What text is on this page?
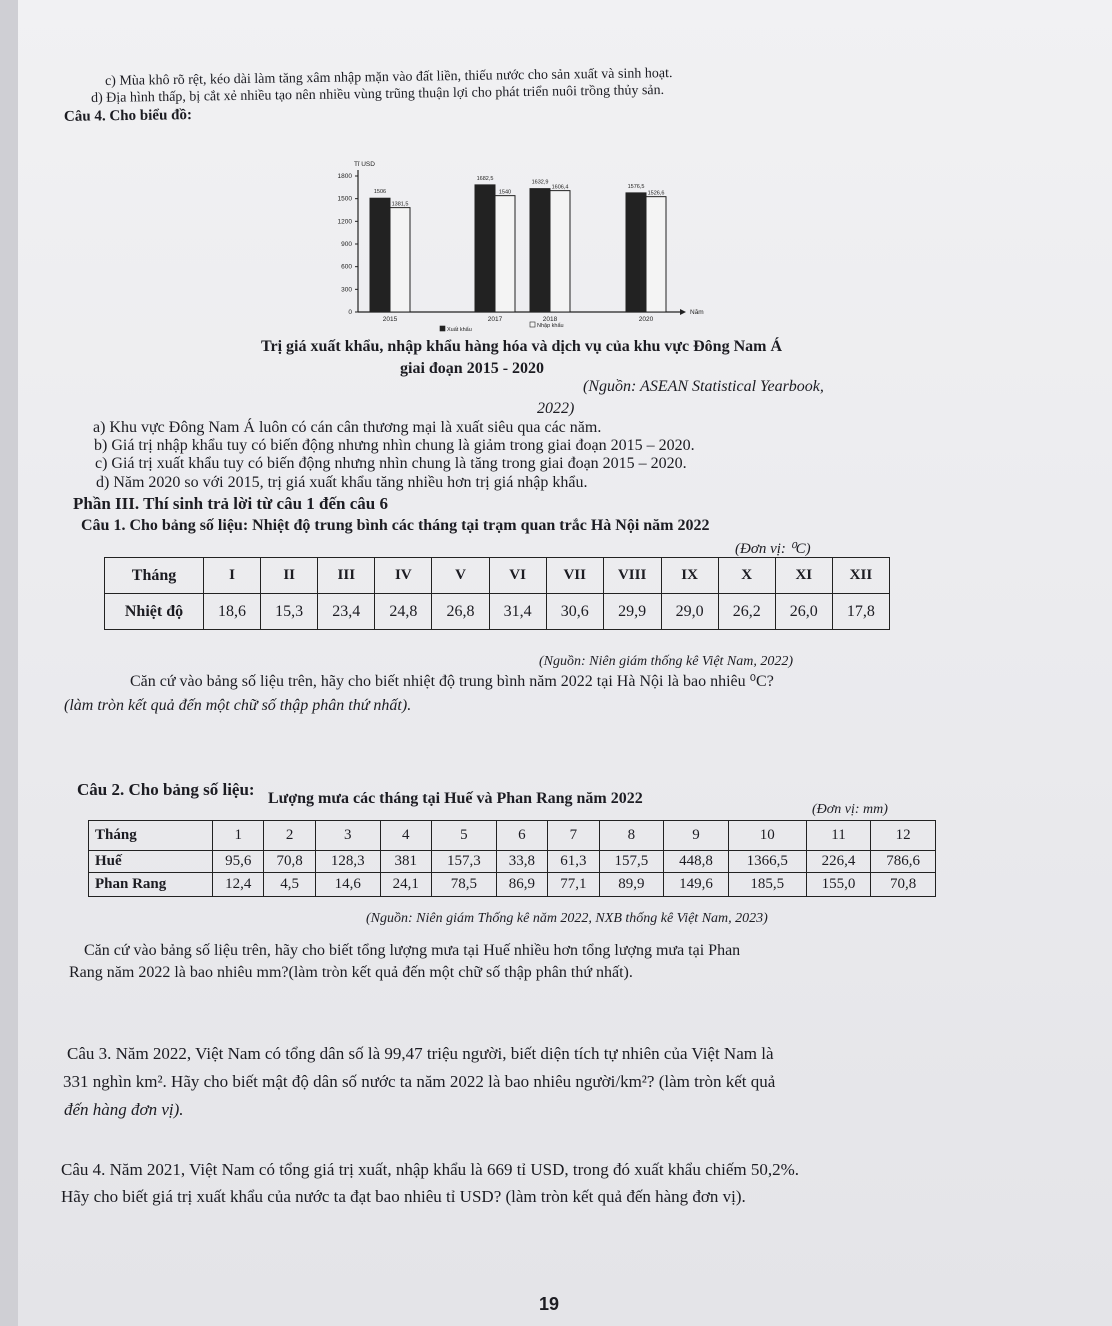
c) Mùa khô rõ rệt, kéo dài làm tăng xâm nhập mặn vào đất liền, thiếu nước cho sản xuất và sinh hoạt.
d) Địa hình thấp, bị cắt xẻ nhiều tạo nên nhiều vùng trũng thuận lợi cho phát triển nuôi trồng thủy sản.
Câu 4. Cho biểu đồ:
0
300
600
900
1200
1500
1800
Tỉ USD
Năm
Xuất khẩu
Nhập khẩu
1506
1381,5
2015
1682,5
1540
2017
1632,9
1606,4
2018
1576,5
1526,6
2020
Trị giá xuất khẩu, nhập khẩu hàng hóa và dịch vụ của khu vực Đông Nam Á
giai đoạn 2015 - 2020
(Nguồn: ASEAN Statistical Yearbook,
2022)
a) Khu vực Đông Nam Á luôn có cán cân thương mại là xuất siêu qua các năm.
b) Giá trị nhập khẩu tuy có biến động nhưng nhìn chung là giảm trong giai đoạn 2015 – 2020.
c) Giá trị xuất khẩu tuy có biến động nhưng nhìn chung là tăng trong giai đoạn 2015 – 2020.
d) Năm 2020 so với 2015, trị giá xuất khẩu tăng nhiều hơn trị giá nhập khẩu.
Phần III. Thí sinh trả lời từ câu 1 đến câu 6
Câu 1. Cho bảng số liệu: Nhiệt độ trung bình các tháng tại trạm quan trắc Hà Nội năm 2022
(Đơn vị: ⁰C)
Tháng	I	II	III	IV	V	VI	VII	VIII	IX	X	XI	XII
Nhiệt độ	18,6	15,3	23,4	24,8	26,8	31,4	30,6	29,9	29,0	26,2	26,0	17,8
(Nguồn: Niên giám thống kê Việt Nam, 2022)
Căn cứ vào bảng số liệu trên, hãy cho biết nhiệt độ trung bình năm 2022 tại Hà Nội là bao nhiêu ⁰C?
(làm tròn kết quả đến một chữ số thập phân thứ nhất).
Câu 2. Cho bảng số liệu: Lượng mưa các tháng tại Huế và Phan Rang năm 2022
(Đơn vị: mm)
Tháng	1	2	3	4	5	6	7	8	9	10	11	12
Huế	95,6	70,8	128,3	381	157,3	33,8	61,3	157,5	448,8	1366,5	226,4	786,6
Phan Rang	12,4	4,5	14,6	24,1	78,5	86,9	77,1	89,9	149,6	185,5	155,0	70,8
(Nguồn: Niên giám Thống kê năm 2022, NXB thống kê Việt Nam, 2023)
Căn cứ vào bảng số liệu trên, hãy cho biết tổng lượng mưa tại Huế nhiều hơn tổng lượng mưa tại Phan
Rang năm 2022 là bao nhiêu mm?(làm tròn kết quả đến một chữ số thập phân thứ nhất).
Câu 3. Năm 2022, Việt Nam có tổng dân số là 99,47 triệu người, biết diện tích tự nhiên của Việt Nam là
331 nghìn km². Hãy cho biết mật độ dân số nước ta năm 2022 là bao nhiêu người/km²? (làm tròn kết quả
đến hàng đơn vị).
Câu 4. Năm 2021, Việt Nam có tổng giá trị xuất, nhập khẩu là 669 tỉ USD, trong đó xuất khẩu chiếm 50,2%.
Hãy cho biết giá trị xuất khẩu của nước ta đạt bao nhiêu tỉ USD? (làm tròn kết quả đến hàng đơn vị).
19
